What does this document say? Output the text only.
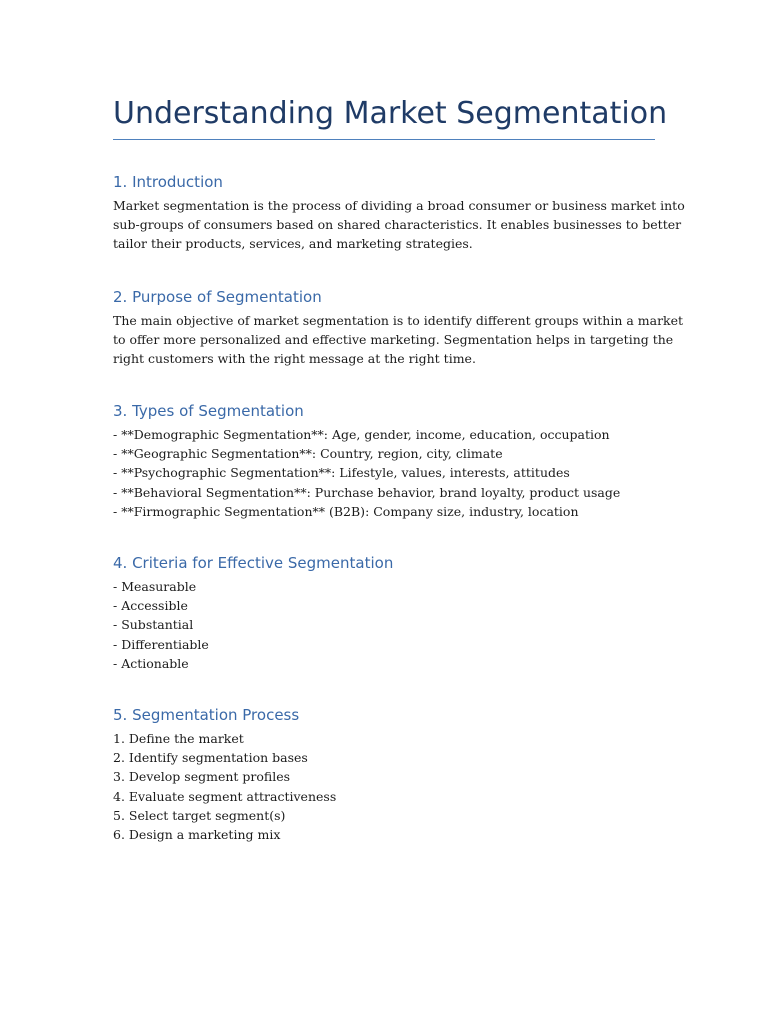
Understanding Market Segmentation
1. Introduction
Market segmentation is the process of dividing a broad consumer or business market into
sub-groups of consumers based on shared characteristics. It enables businesses to better
tailor their products, services, and marketing strategies.
2. Purpose of Segmentation
The main objective of market segmentation is to identify different groups within a market
to offer more personalized and effective marketing. Segmentation helps in targeting the
right customers with the right message at the right time.
3. Types of Segmentation
- **Demographic Segmentation**: Age, gender, income, education, occupation
- **Geographic Segmentation**: Country, region, city, climate
- **Psychographic Segmentation**: Lifestyle, values, interests, attitudes
- **Behavioral Segmentation**: Purchase behavior, brand loyalty, product usage
- **Firmographic Segmentation** (B2B): Company size, industry, location
4. Criteria for Effective Segmentation
- Measurable
- Accessible
- Substantial
- Differentiable
- Actionable
5. Segmentation Process
1. Define the market
2. Identify segmentation bases
3. Develop segment profiles
4. Evaluate segment attractiveness
5. Select target segment(s)
6. Design a marketing mix
